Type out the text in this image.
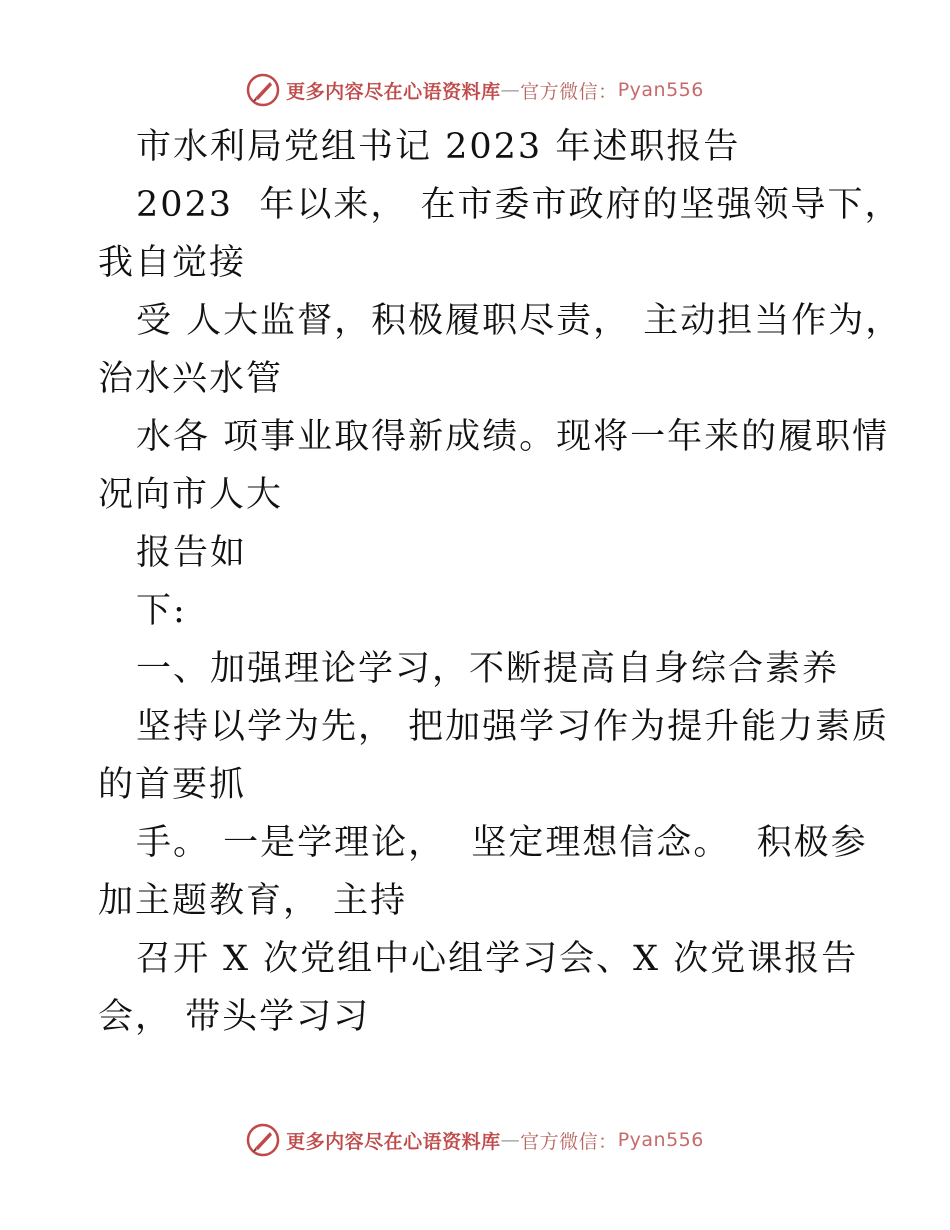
更多内容尽在心语资料库 — 官方微信： Pyan556
市水利局党组书记 2023 年述职报告
2023  年以来， 在市委市政府的坚强领导下，
我自觉接
受 人大监督，积极履职尽责， 主动担当作为，
治水兴水管
水各 项事业取得新成绩。现将一年来的履职情
况向市人大
报告如
下:
一、加强理论学习，不断提高自身综合素养
坚持以学为先， 把加强学习作为提升能力素质
的首要抓
手。 一是学理论，  坚定理想信念。  积极参
加主题教育， 主持
召开 X 次党组中心组学习会、X 次党课报告
会， 带头学习习
更多内容尽在心语资料库 — 官方微信： Pyan556
